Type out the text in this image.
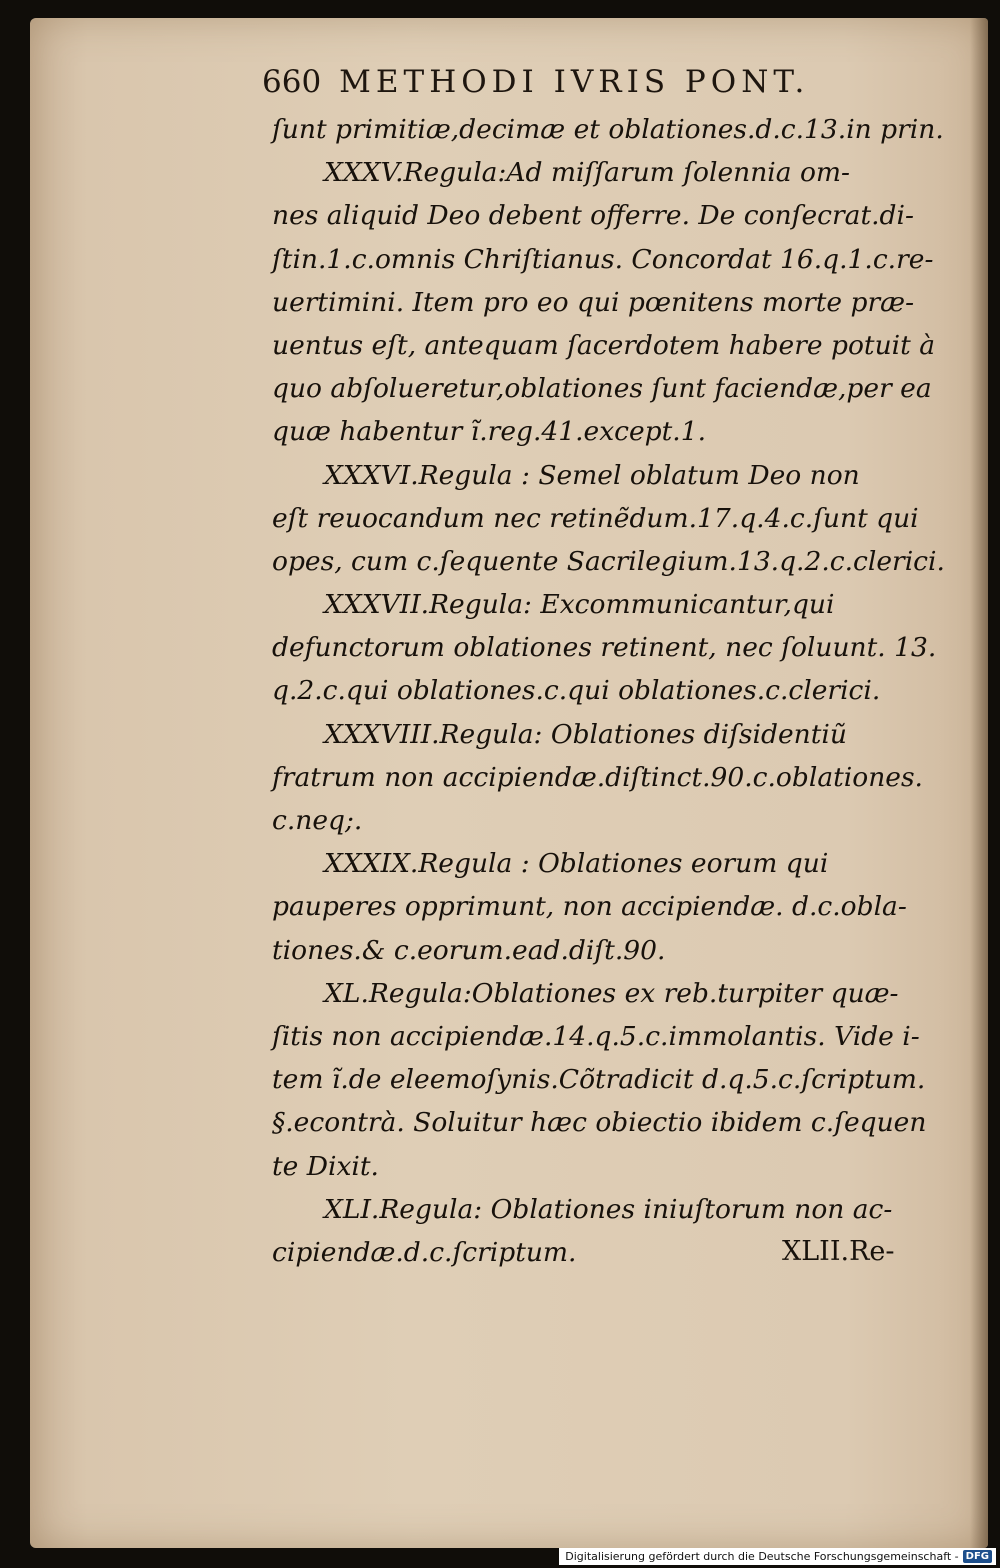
660 METHODI IVRIS PONT.
ſunt primitiæ,decimæ et oblationes.d.c.13.in prin.
XXXV.Regula:Ad miſſarum ſolennia om-
nes aliquid Deo debent offerre. De conſecrat.di-
ſtin.1.c.omnis Chriſtianus. Concordat 16.q.1.c.re-
uertimini. Item pro eo qui pœnitens morte præ-
uentus eſt, antequam ſacerdotem habere potuit à
quo abſolueretur,oblationes ſunt faciendæ,per ea
quæ habentur ĩ.reg.41.except.1.
XXXVI.Regula : Semel oblatum Deo non
eſt reuocandum nec retinẽdum.17.q.4.c.ſunt qui
opes, cum c.ſequente Sacrilegium.13.q.2.c.clerici.
XXXVII.Regula: Excommunicantur,qui
defunctorum oblationes retinent, nec ſoluunt. 13.
q.2.c.qui oblationes.c.qui oblationes.c.clerici.
XXXVIII.Regula: Oblationes diſsidentiũ
fratrum non accipiendæ.diſtinct.90.c.oblationes.
c.neq;.
XXXIX.Regula : Oblationes eorum qui
pauperes opprimunt, non accipiendæ. d.c.obla-
tiones.& c.eorum.ead.diſt.90.
XL.Regula:Oblationes ex reb.turpiter quæ-
ſitis non accipiendæ.14.q.5.c.immolantis. Vide i-
tem ĩ.de eleemoſynis.Cõtradicit d.q.5.c.ſcriptum.
§.econtrà. Soluitur hæc obiectio ibidem c.ſequen
te Dixit.
XLI.Regula: Oblationes iniuſtorum non ac-
cipiendæ.d.c.ſcriptum.	XLII.Re-
Digitalisierung gefördert durch die Deutsche Forschungsgemeinschaft - DFG
